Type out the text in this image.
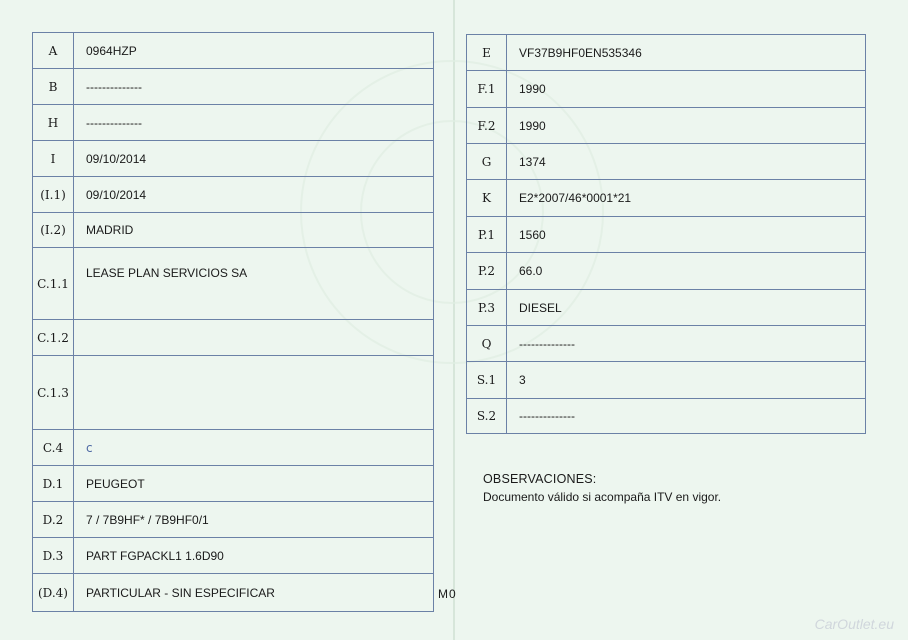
A	0964HZP
B	--------------
H	--------------
I	09/10/2014
(I.1)	09/10/2014
(I.2)	MADRID
C.1.1	LEASE PLAN SERVICIOS SA
C.1.2	
C.1.3	
C.4	c
D.1	PEUGEOT
D.2	7 / 7B9HF* / 7B9HF0/1
D.3	PART FGPACKL1 1.6D90
(D.4)	PARTICULAR - SIN ESPECIFICAR
E	VF37B9HF0EN535346
F.1	1990
F.2	1990
G	1374
K	E2*2007/46*0001*21
P.1	1560
P.2	66.0
P.3	DIESEL
Q	--------------
S.1	3
S.2	--------------
OBSERVACIONES:
Documento válido si acompaña ITV en vigor.
M0
CarOutlet.eu
